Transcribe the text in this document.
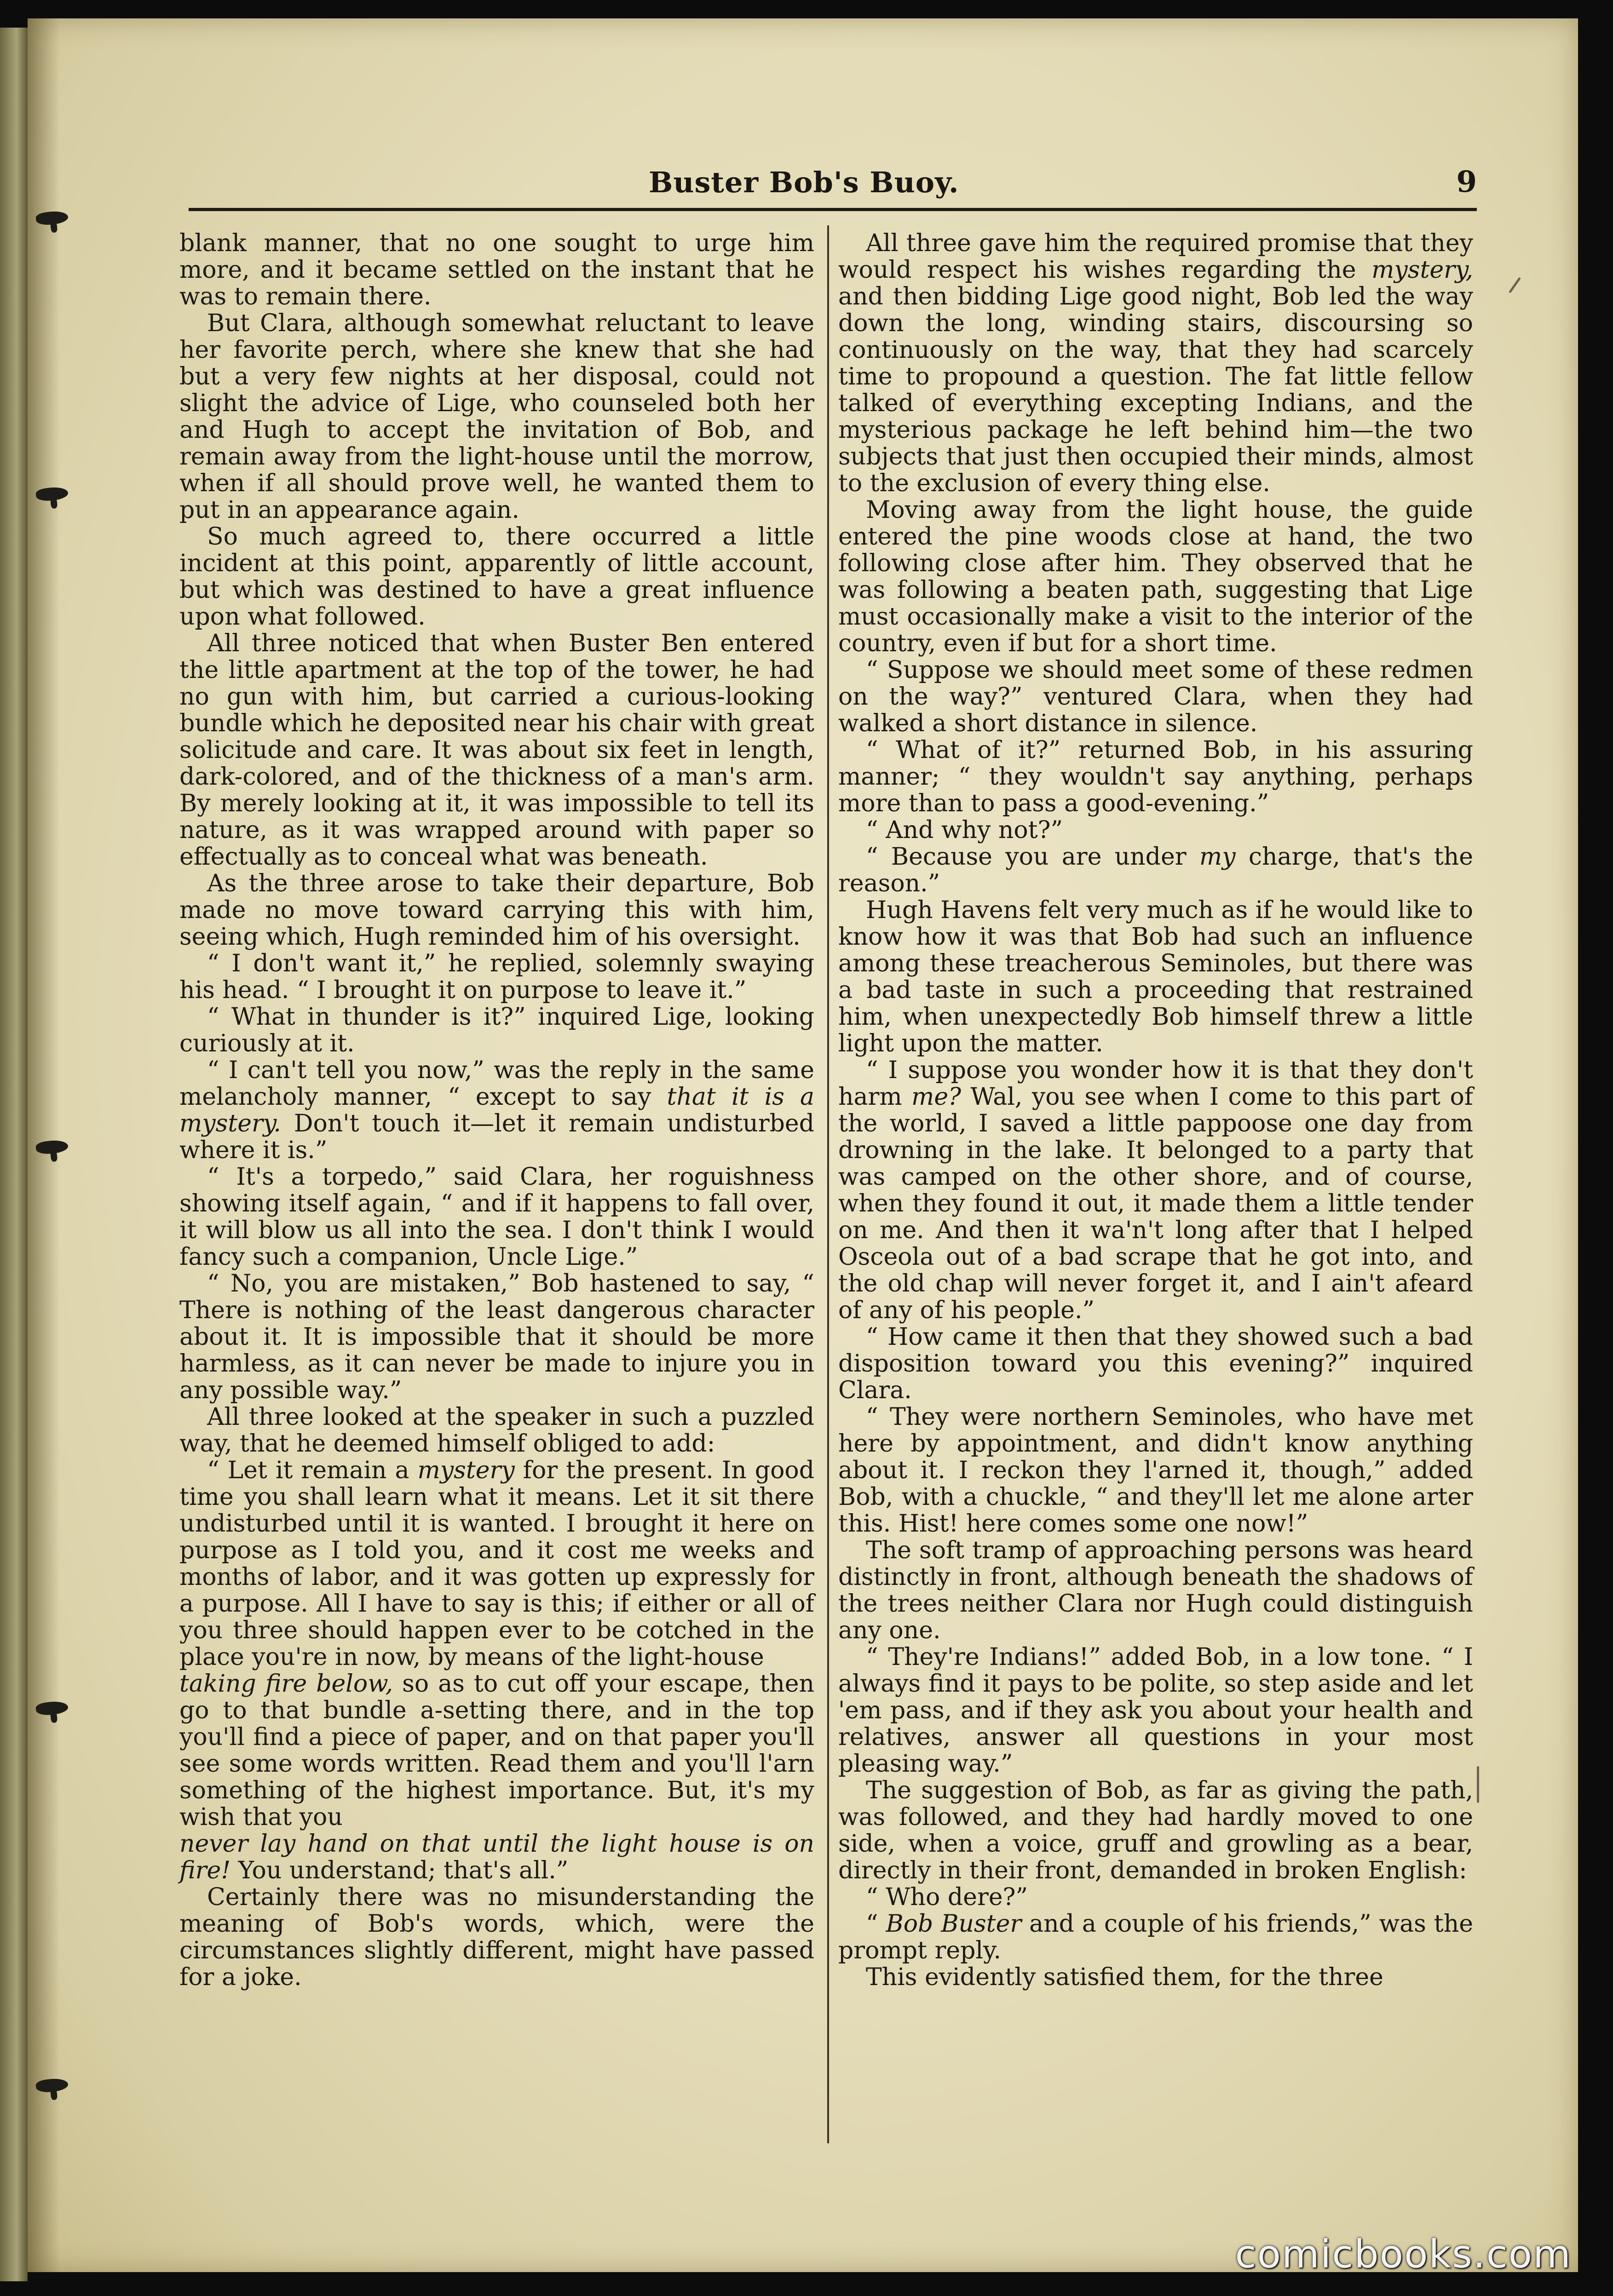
Buster Bob's Buoy.	9

blank manner, that no one sought to urge him more, and it became settled on the instant that he was to remain there.

But Clara, although somewhat reluctant to leave her favorite perch, where she knew that she had but a very few nights at her disposal, could not slight the advice of Lige, who counseled both her and Hugh to accept the invitation of Bob, and remain away from the light-house until the morrow, when if all should prove well, he wanted them to put in an appearance again.

So much agreed to, there occurred a little incident at this point, apparently of little account, but which was destined to have a great influence upon what followed.

All three noticed that when Buster Ben entered the little apartment at the top of the tower, he had no gun with him, but carried a curious-looking bundle which he deposited near his chair with great solicitude and care. It was about six feet in length, dark-colored, and of the thickness of a man's arm. By merely looking at it, it was impossible to tell its nature, as it was wrapped around with paper so effectually as to conceal what was beneath.

As the three arose to take their departure, Bob made no move toward carrying this with him, seeing which, Hugh reminded him of his oversight.

“ I don't want it,” he replied, solemnly swaying his head. “ I brought it on purpose to leave it.”

“ What in thunder is it?” inquired Lige, looking curiously at it.

“ I can't tell you now,” was the reply in the same melancholy manner, “ except to say that it is a mystery. Don't touch it—let it remain undisturbed where it is.”

“ It's a torpedo,” said Clara, her roguishness showing itself again, “ and if it happens to fall over, it will blow us all into the sea. I don't think I would fancy such a companion, Uncle Lige.”

“ No, you are mistaken,” Bob hastened to say, “ There is nothing of the least dangerous character about it. It is impossible that it should be more harmless, as it can never be made to injure you in any possible way.”

All three looked at the speaker in such a puzzled way, that he deemed himself obliged to add:

“ Let it remain a mystery for the present. In good time you shall learn what it means. Let it sit there undisturbed until it is wanted. I brought it here on purpose as I told you, and it cost me weeks and months of labor, and it was gotten up expressly for a purpose. All I have to say is this; if either or all of you three should happen ever to be cotched in the place you're in now, by means of the light-house

taking fire below, so as to cut off your escape, then go to that bundle a-setting there, and in the top you'll find a piece of paper, and on that paper you'll see some words written. Read them and you'll l'arn something of the highest importance. But, it's my wish that you

never lay hand on that until the light house is on fire! You understand; that's all.”

Certainly there was no misunderstanding the meaning of Bob's words, which, were the circumstances slightly different, might have passed for a joke.

All three gave him the required promise that they would respect his wishes regarding the mystery, and then bidding Lige good night, Bob led the way down the long, winding stairs, discoursing so continuously on the way, that they had scarcely time to propound a question. The fat little fellow talked of everything excepting Indians, and the mysterious package he left behind him—the two subjects that just then occupied their minds, almost to the exclusion of every thing else.

Moving away from the light house, the guide entered the pine woods close at hand, the two following close after him. They observed that he was following a beaten path, suggesting that Lige must occasionally make a visit to the interior of the country, even if but for a short time.

“ Suppose we should meet some of these redmen on the way?” ventured Clara, when they had walked a short distance in silence.

“ What of it?” returned Bob, in his assuring manner; “ they wouldn't say anything, perhaps more than to pass a good-evening.”

“ And why not?”

“ Because you are under my charge, that's the reason.”

Hugh Havens felt very much as if he would like to know how it was that Bob had such an influence among these treacherous Seminoles, but there was a bad taste in such a proceeding that restrained him, when unexpectedly Bob himself threw a little light upon the matter.

“ I suppose you wonder how it is that they don't harm me? Wal, you see when I come to this part of the world, I saved a little pappoose one day from drowning in the lake. It belonged to a party that was camped on the other shore, and of course, when they found it out, it made them a little tender on me. And then it wa'n't long after that I helped Osceola out of a bad scrape that he got into, and the old chap will never forget it, and I ain't afeard of any of his people.”

“ How came it then that they showed such a bad disposition toward you this evening?” inquired Clara.

“ They were northern Seminoles, who have met here by appointment, and didn't know anything about it. I reckon they l'arned it, though,” added Bob, with a chuckle, “ and they'll let me alone arter this. Hist! here comes some one now!”

The soft tramp of approaching persons was heard distinctly in front, although beneath the shadows of the trees neither Clara nor Hugh could distinguish any one.

“ They're Indians!” added Bob, in a low tone. “ I always find it pays to be polite, so step aside and let 'em pass, and if they ask you about your health and relatives, answer all questions in your most pleasing way.”

The suggestion of Bob, as far as giving the path, was followed, and they had hardly moved to one side, when a voice, gruff and growling as a bear, directly in their front, demanded in broken English:

“ Who dere?”

“ Bob Buster and a couple of his friends,” was the prompt reply.

This evidently satisfied them, for the three

comicbooks.com
